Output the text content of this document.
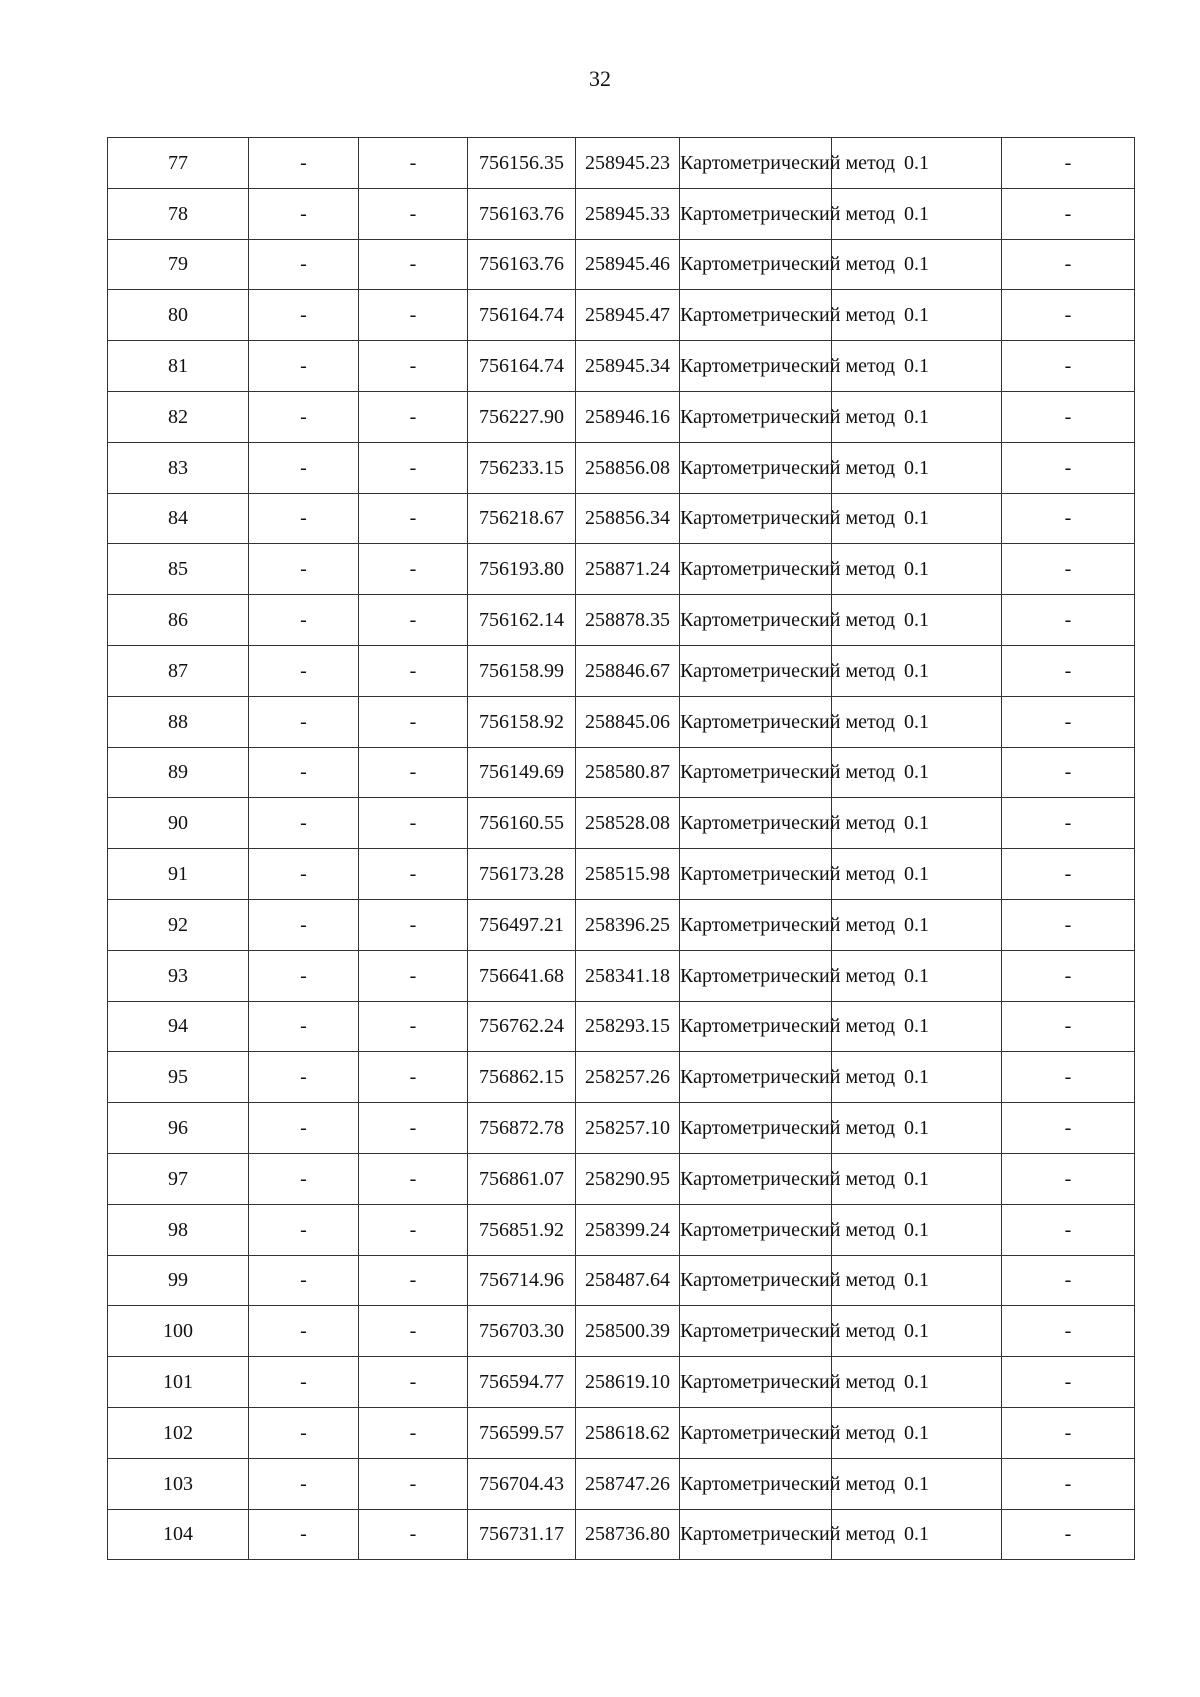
32
77	-	-	756156.35	258945.23	Картометрический метод	0.1	-
78	-	-	756163.76	258945.33	Картометрический метод	0.1	-
79	-	-	756163.76	258945.46	Картометрический метод	0.1	-
80	-	-	756164.74	258945.47	Картометрический метод	0.1	-
81	-	-	756164.74	258945.34	Картометрический метод	0.1	-
82	-	-	756227.90	258946.16	Картометрический метод	0.1	-
83	-	-	756233.15	258856.08	Картометрический метод	0.1	-
84	-	-	756218.67	258856.34	Картометрический метод	0.1	-
85	-	-	756193.80	258871.24	Картометрический метод	0.1	-
86	-	-	756162.14	258878.35	Картометрический метод	0.1	-
87	-	-	756158.99	258846.67	Картометрический метод	0.1	-
88	-	-	756158.92	258845.06	Картометрический метод	0.1	-
89	-	-	756149.69	258580.87	Картометрический метод	0.1	-
90	-	-	756160.55	258528.08	Картометрический метод	0.1	-
91	-	-	756173.28	258515.98	Картометрический метод	0.1	-
92	-	-	756497.21	258396.25	Картометрический метод	0.1	-
93	-	-	756641.68	258341.18	Картометрический метод	0.1	-
94	-	-	756762.24	258293.15	Картометрический метод	0.1	-
95	-	-	756862.15	258257.26	Картометрический метод	0.1	-
96	-	-	756872.78	258257.10	Картометрический метод	0.1	-
97	-	-	756861.07	258290.95	Картометрический метод	0.1	-
98	-	-	756851.92	258399.24	Картометрический метод	0.1	-
99	-	-	756714.96	258487.64	Картометрический метод	0.1	-
100	-	-	756703.30	258500.39	Картометрический метод	0.1	-
101	-	-	756594.77	258619.10	Картометрический метод	0.1	-
102	-	-	756599.57	258618.62	Картометрический метод	0.1	-
103	-	-	756704.43	258747.26	Картометрический метод	0.1	-
104	-	-	756731.17	258736.80	Картометрический метод	0.1	-
